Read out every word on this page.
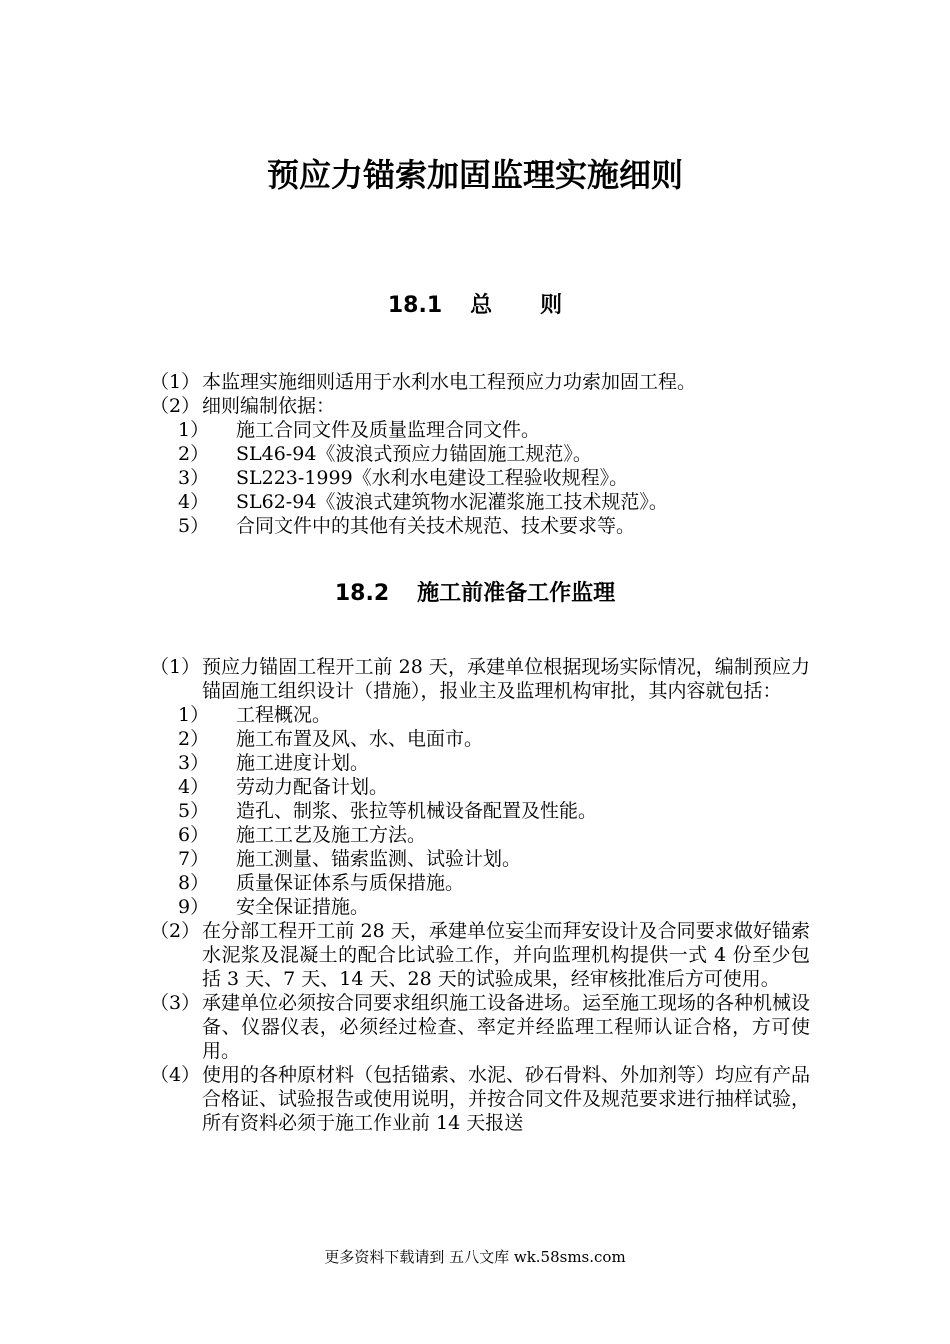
预应力锚索加固监理实施细则
18.1 总 则
（1） 本监理实施细则适用于水利水电工程预应力功索加固工程。
（2） 细则编制依据：
1） 施工合同文件及质量监理合同文件。
2） SL46-94《波浪式预应力锚固施工规范》。
3） SL223-1999《水利水电建设工程验收规程》。
4） SL62-94《波浪式建筑物水泥灌浆施工技术规范》。
5） 合同文件中的其他有关技术规范、技术要求等。
18.2 施工前准备工作监理
（1） 预应力锚固工程开工前 28 天，承建单位根据现场实际情况，编制预应力锚固施工组织设计（措施），报业主及监理机构审批，其内容就包括：
1） 工程概况。
2） 施工布置及风、水、电面市。
3） 施工进度计划。
4） 劳动力配备计划。
5） 造孔、制浆、张拉等机械设备配置及性能。
6） 施工工艺及施工方法。
7） 施工测量、锚索监测、试验计划。
8） 质量保证体系与质保措施。
9） 安全保证措施。
（2） 在分部工程开工前 28 天，承建单位妄尘而拜安设计及合同要求做好锚索水泥浆及混凝土的配合比试验工作，并向监理机构提供一式 4 份至少包括 3 天、7 天、14 天、28 天的试验成果，经审核批准后方可使用。
（3） 承建单位必须按合同要求组织施工设备进场。运至施工现场的各种机械设备、仪器仪表，必须经过检查、率定并经监理工程师认证合格，方可使用。
（4） 使用的各种原材料（包括锚索、水泥、砂石骨料、外加剂等）均应有产品合格证、试验报告或使用说明，并按合同文件及规范要求进行抽样试验，所有资料必须于施工作业前 14 天报送
更多资料下载请到 五八文库 wk.58sms.com
